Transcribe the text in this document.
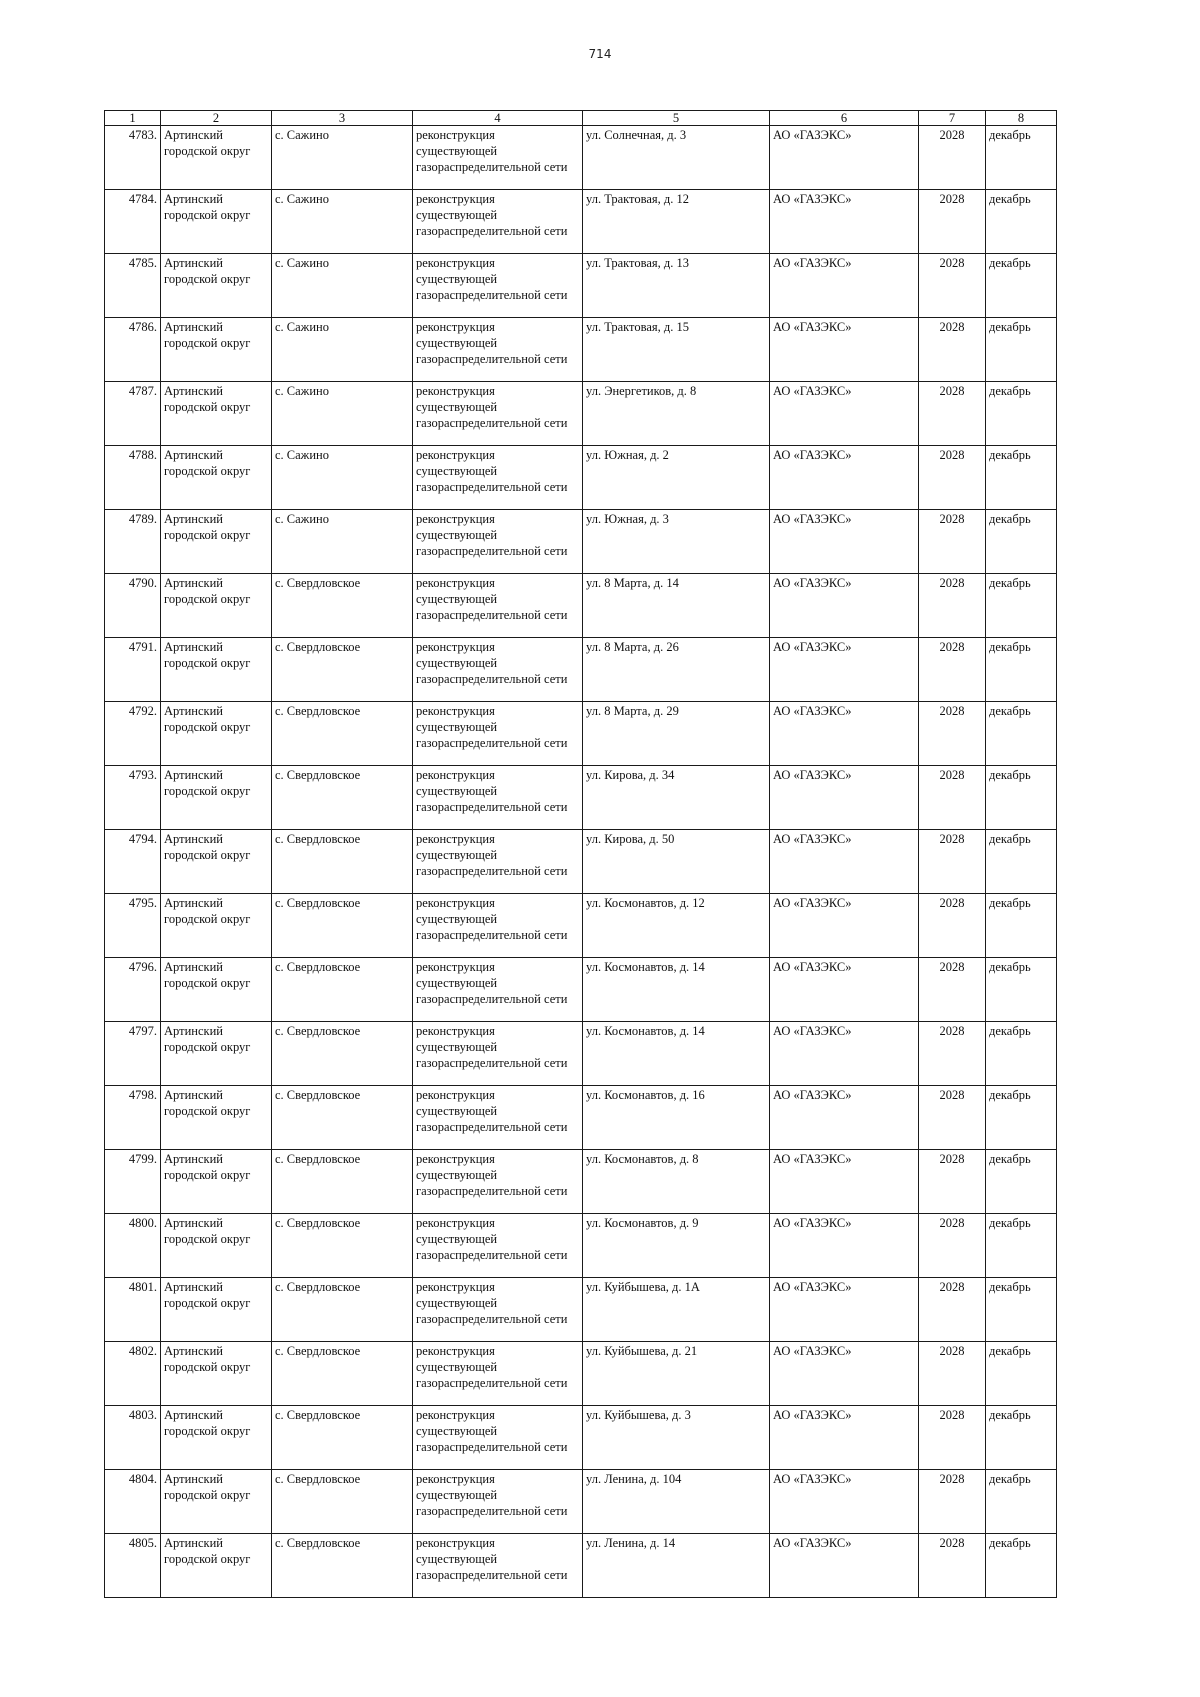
714
1	2	3	4	5	6	7	8
4783.	Артинский городской округ	с. Сажино	реконструкция существующей газораспределительной сети	ул. Солнечная, д. 3	АО «ГАЗЭКС»	2028	декабрь
4784.	Артинский городской округ	с. Сажино	реконструкция существующей газораспределительной сети	ул. Трактовая, д. 12	АО «ГАЗЭКС»	2028	декабрь
4785.	Артинский городской округ	с. Сажино	реконструкция существующей газораспределительной сети	ул. Трактовая, д. 13	АО «ГАЗЭКС»	2028	декабрь
4786.	Артинский городской округ	с. Сажино	реконструкция существующей газораспределительной сети	ул. Трактовая, д. 15	АО «ГАЗЭКС»	2028	декабрь
4787.	Артинский городской округ	с. Сажино	реконструкция существующей газораспределительной сети	ул. Энергетиков, д. 8	АО «ГАЗЭКС»	2028	декабрь
4788.	Артинский городской округ	с. Сажино	реконструкция существующей газораспределительной сети	ул. Южная, д. 2	АО «ГАЗЭКС»	2028	декабрь
4789.	Артинский городской округ	с. Сажино	реконструкция существующей газораспределительной сети	ул. Южная, д. 3	АО «ГАЗЭКС»	2028	декабрь
4790.	Артинский городской округ	с. Свердловское	реконструкция существующей газораспределительной сети	ул. 8 Марта, д. 14	АО «ГАЗЭКС»	2028	декабрь
4791.	Артинский городской округ	с. Свердловское	реконструкция существующей газораспределительной сети	ул. 8 Марта, д. 26	АО «ГАЗЭКС»	2028	декабрь
4792.	Артинский городской округ	с. Свердловское	реконструкция существующей газораспределительной сети	ул. 8 Марта, д. 29	АО «ГАЗЭКС»	2028	декабрь
4793.	Артинский городской округ	с. Свердловское	реконструкция существующей газораспределительной сети	ул. Кирова, д. 34	АО «ГАЗЭКС»	2028	декабрь
4794.	Артинский городской округ	с. Свердловское	реконструкция существующей газораспределительной сети	ул. Кирова, д. 50	АО «ГАЗЭКС»	2028	декабрь
4795.	Артинский городской округ	с. Свердловское	реконструкция существующей газораспределительной сети	ул. Космонавтов, д. 12	АО «ГАЗЭКС»	2028	декабрь
4796.	Артинский городской округ	с. Свердловское	реконструкция существующей газораспределительной сети	ул. Космонавтов, д. 14	АО «ГАЗЭКС»	2028	декабрь
4797.	Артинский городской округ	с. Свердловское	реконструкция существующей газораспределительной сети	ул. Космонавтов, д. 14	АО «ГАЗЭКС»	2028	декабрь
4798.	Артинский городской округ	с. Свердловское	реконструкция существующей газораспределительной сети	ул. Космонавтов, д. 16	АО «ГАЗЭКС»	2028	декабрь
4799.	Артинский городской округ	с. Свердловское	реконструкция существующей газораспределительной сети	ул. Космонавтов, д. 8	АО «ГАЗЭКС»	2028	декабрь
4800.	Артинский городской округ	с. Свердловское	реконструкция существующей газораспределительной сети	ул. Космонавтов, д. 9	АО «ГАЗЭКС»	2028	декабрь
4801.	Артинский городской округ	с. Свердловское	реконструкция существующей газораспределительной сети	ул. Куйбышева, д. 1А	АО «ГАЗЭКС»	2028	декабрь
4802.	Артинский городской округ	с. Свердловское	реконструкция существующей газораспределительной сети	ул. Куйбышева, д. 21	АО «ГАЗЭКС»	2028	декабрь
4803.	Артинский городской округ	с. Свердловское	реконструкция существующей газораспределительной сети	ул. Куйбышева, д. 3	АО «ГАЗЭКС»	2028	декабрь
4804.	Артинский городской округ	с. Свердловское	реконструкция существующей газораспределительной сети	ул. Ленина, д. 104	АО «ГАЗЭКС»	2028	декабрь
4805.	Артинский городской округ	с. Свердловское	реконструкция существующей газораспределительной сети	ул. Ленина, д. 14	АО «ГАЗЭКС»	2028	декабрь
